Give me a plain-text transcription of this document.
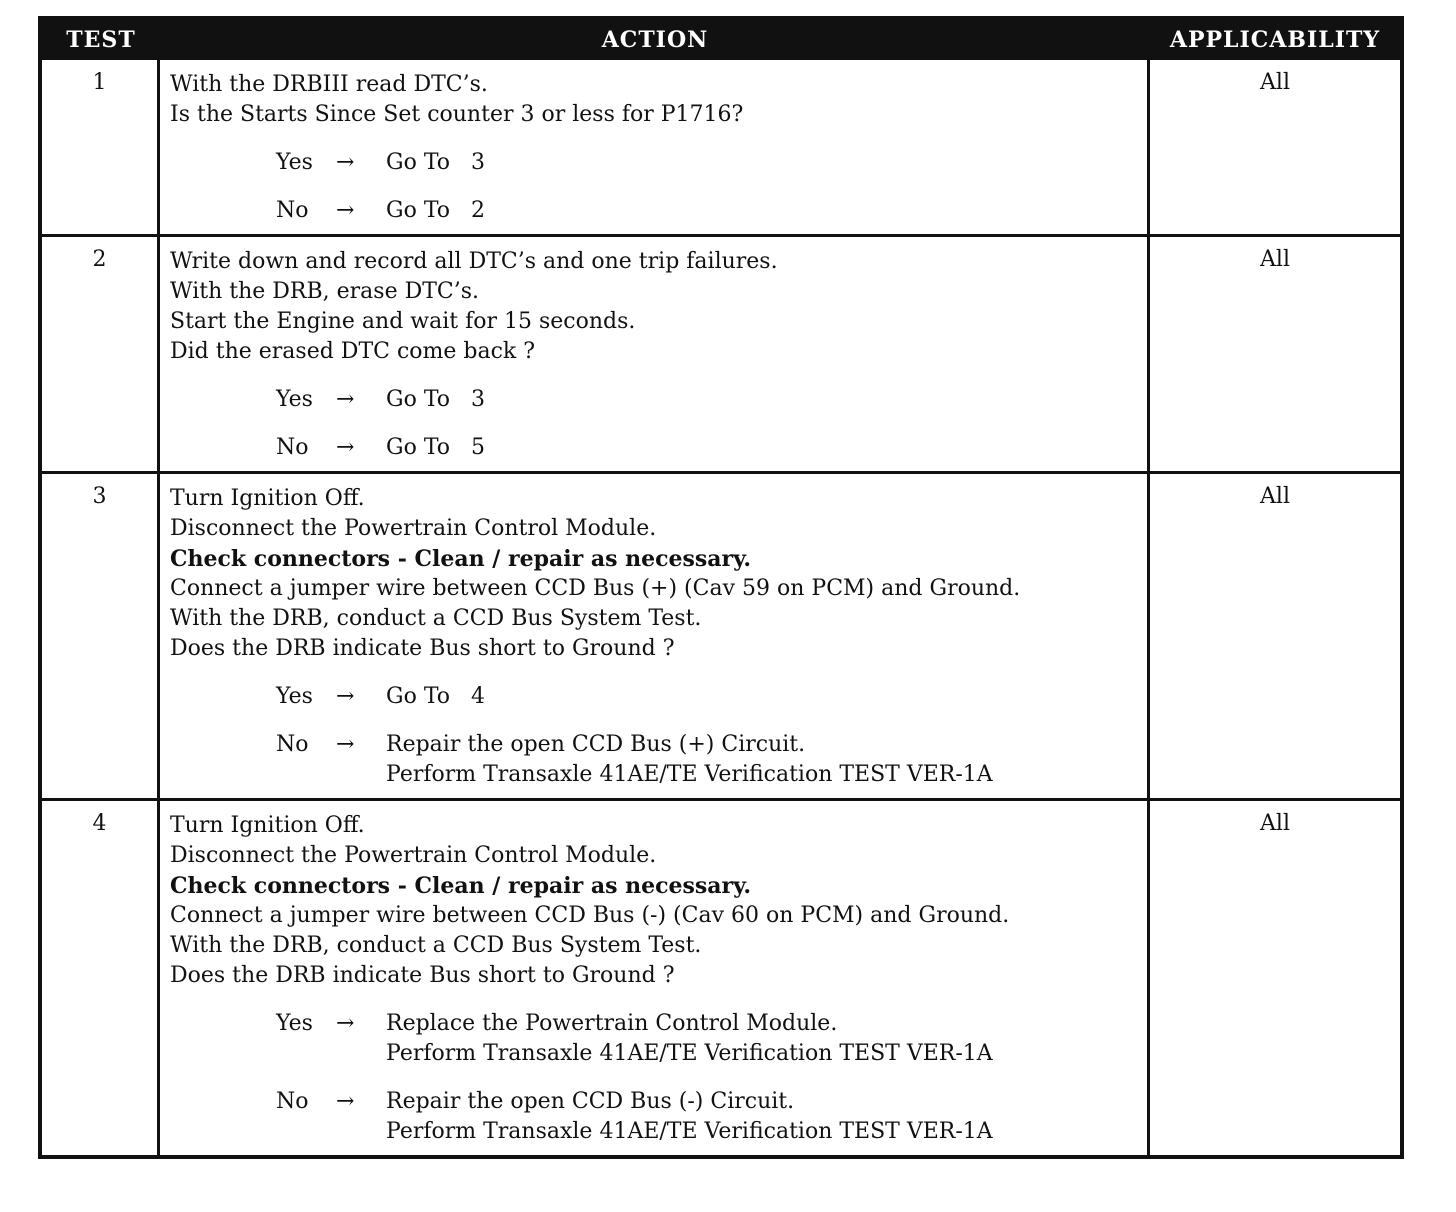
TEST	ACTION	APPLICABILITY
1	With the DRBIII read DTC’s.
Is the Starts Since Set counter 3 or less for P1716?
Yes	→	Go To   3
No	→	Go To   2
All
2	Write down and record all DTC’s and one trip failures.
With the DRB, erase DTC’s.
Start the Engine and wait for 15 seconds.
Did the erased DTC come back ?
Yes	→	Go To   3
No	→	Go To   5
All
3	Turn Ignition Off.
Disconnect the Powertrain Control Module.
Check connectors - Clean / repair as necessary.
Connect a jumper wire between CCD Bus (+) (Cav 59 on PCM) and Ground.
With the DRB, conduct a CCD Bus System Test.
Does the DRB indicate Bus short to Ground ?
Yes	→	Go To   4
No	→	Repair the open CCD Bus (+) Circuit.
Perform Transaxle 41AE/TE Verification TEST VER-1A
All
4	Turn Ignition Off.
Disconnect the Powertrain Control Module.
Check connectors - Clean / repair as necessary.
Connect a jumper wire between CCD Bus (-) (Cav 60 on PCM) and Ground.
With the DRB, conduct a CCD Bus System Test.
Does the DRB indicate Bus short to Ground ?
Yes	→	Replace the Powertrain Control Module.
Perform Transaxle 41AE/TE Verification TEST VER-1A
No	→	Repair the open CCD Bus (-) Circuit.
Perform Transaxle 41AE/TE Verification TEST VER-1A
All
